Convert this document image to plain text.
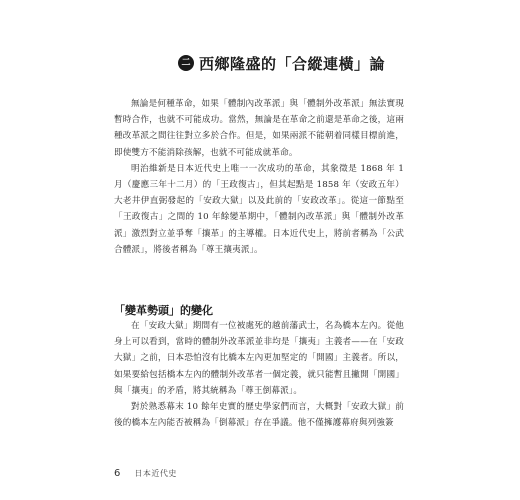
二 西鄉隆盛的「合縱連橫」論

無論是何種革命，如果「體制內改革派」與「體制外改革派」無法實現暫時合作，也就不可能成功。當然，無論是在革命之前還是革命之後，這兩種改革派之間往往對立多於合作。但是，如果兩派不能朝着同樣目標前進，即使雙方不能消除孩解，也就不可能成就革命。

明治維新是日本近代史上唯一一次成功的革命，其象徵是 1868 年 1 月（慶應三年十二月）的「王政復古」，但其起點是 1858 年（安政五年）大老井伊直弼發起的「安政大獄」以及此前的「安政改革」。從這一節點至「王政復古」之間的 10 年餘變革期中，「體制內改革派」與「體制外改革派」激烈對立並爭奪「攘革」的主導權。日本近代史上，將前者稱為「公武合體派」，將後者稱為「尊王攘夷派」。

「變革勢頭」的變化

在「安政大獄」期間有一位被處死的越前藩武士，名為橋本左內。從他身上可以看到，當時的體制外改革派並非均是「攘夷」主義者——在「安政大獄」之前，日本恐怕沒有比橋本左內更加堅定的「開國」主義者。所以，如果要給包括橋本左內的體制外改革者一個定義，就只能暫且撇開「開國」與「攘夷」的矛盾，將其統稱為「尊王倒幕派」。

對於熟悉幕末 10 餘年史實的歷史學家們而言，大概對「安政大獄」前後的橋本左內能否被稱為「倒幕派」存在爭議。他不僅擁護幕府與列強簽

6 日本近代史
